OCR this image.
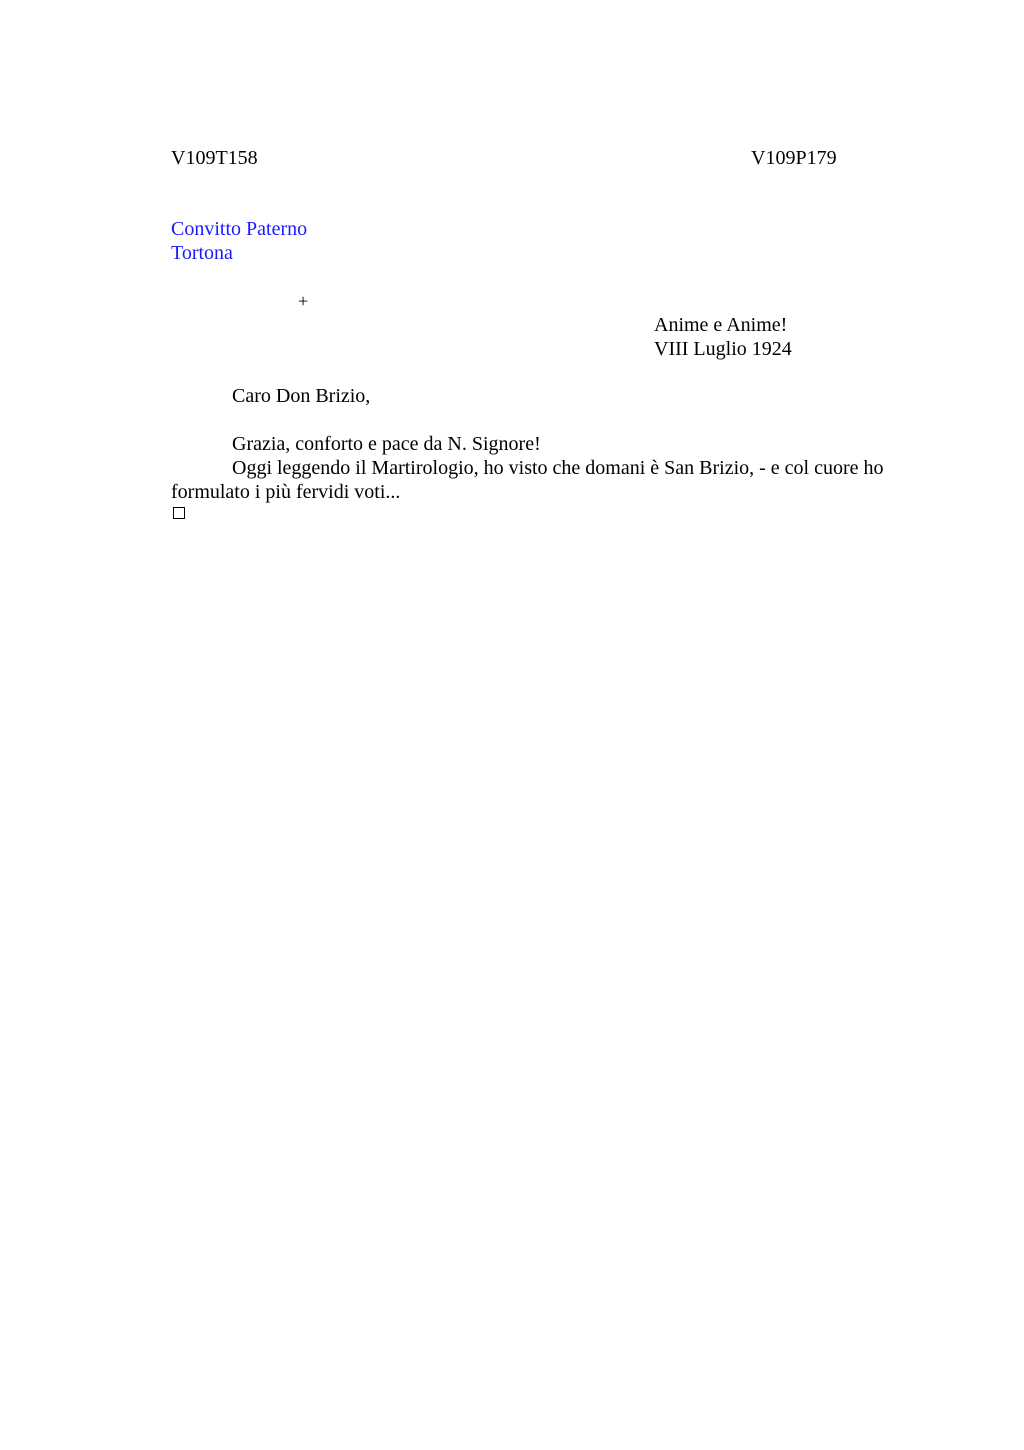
V109T158	V109P179
Convitto Paterno
Tortona
+
Anime e Anime!
VIII Luglio 1924
Caro Don Brizio,

Grazia, conforto e pace da N. Signore!

Oggi leggendo il Martirologio, ho visto che domani è San Brizio, - e col cuore ho formulato i più fervidi voti...
